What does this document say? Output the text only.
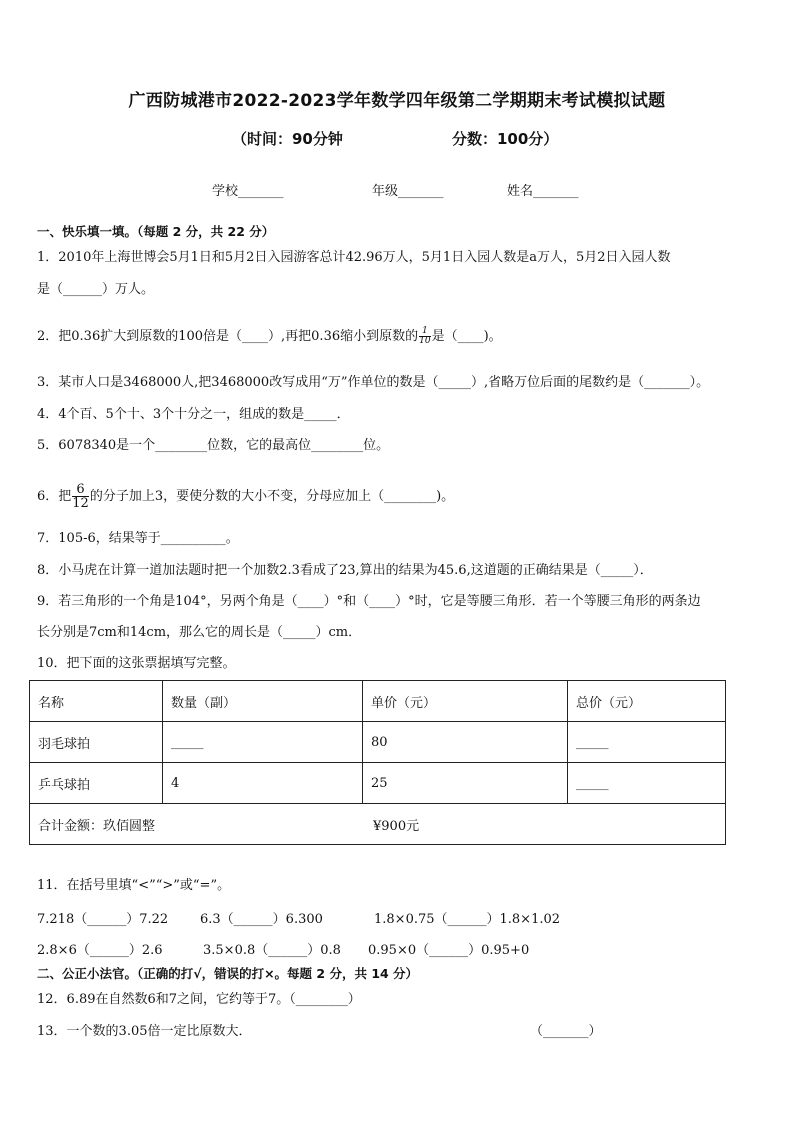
广西防城港市2022-2023学年数学四年级第二学期期末考试模拟试题
（时间：90分钟	分数：100分）
学校_______	年级_______	姓名_______
一、快乐填一填。（每题 2 分，共 22 分）
1．2010年上海世博会5月1日和5月2日入园游客总计42.96万人，5月1日入园人数是a万人，5月2日入园人数
是（______）万人。
2．把0.36扩大到原数的100倍是（____）,再把0.36缩小到原数的 $\frac{1}{10}$ 是（____)。
3．某市人口是3468000人,把3468000改写成用“万”作单位的数是（_____）,省略万位后面的尾数约是（_______）。
4．4个百、5个十、3个十分之一，组成的数是_____．
5．6078340是一个________位数，它的最高位________位。
6．把 $\frac{6}{12}$ 的分子加上3，要使分数的大小不变，分母应加上（________)。
7．105-6，结果等于__________。
8．小马虎在计算一道加法题时把一个加数2.3看成了23,算出的结果为45.6,这道题的正确结果是（_____）．
9．若三角形的一个角是104°，另两个角是（____）°和（____）°时，它是等腰三角形．若一个等腰三角形的两条边
长分别是7cm和14cm，那么它的周长是（_____）cm．
10．把下面的这张票据填写完整。
名称	数量（副）	单价（元）	总价（元）
羽毛球拍	_____	80	_____
乒乓球拍	4	25	_____
合计金额：玖佰圆整 ¥900元			
11．在括号里填“<”“>”或“=”。
7.218（______）7.22 6.3（______）6.300	1.8×0.75（______）1.8×1.02
2.8×6（______）2.6	3.5×0.8（______）0.8 0.95×0（______）0.95+0
二、公正小法官。（正确的打√，错误的打×。每题 2 分，共 14 分）
12．6.89在自然数6和7之间，它约等于7。（________）
13．一个数的3.05倍一定比原数大．	（_______）
